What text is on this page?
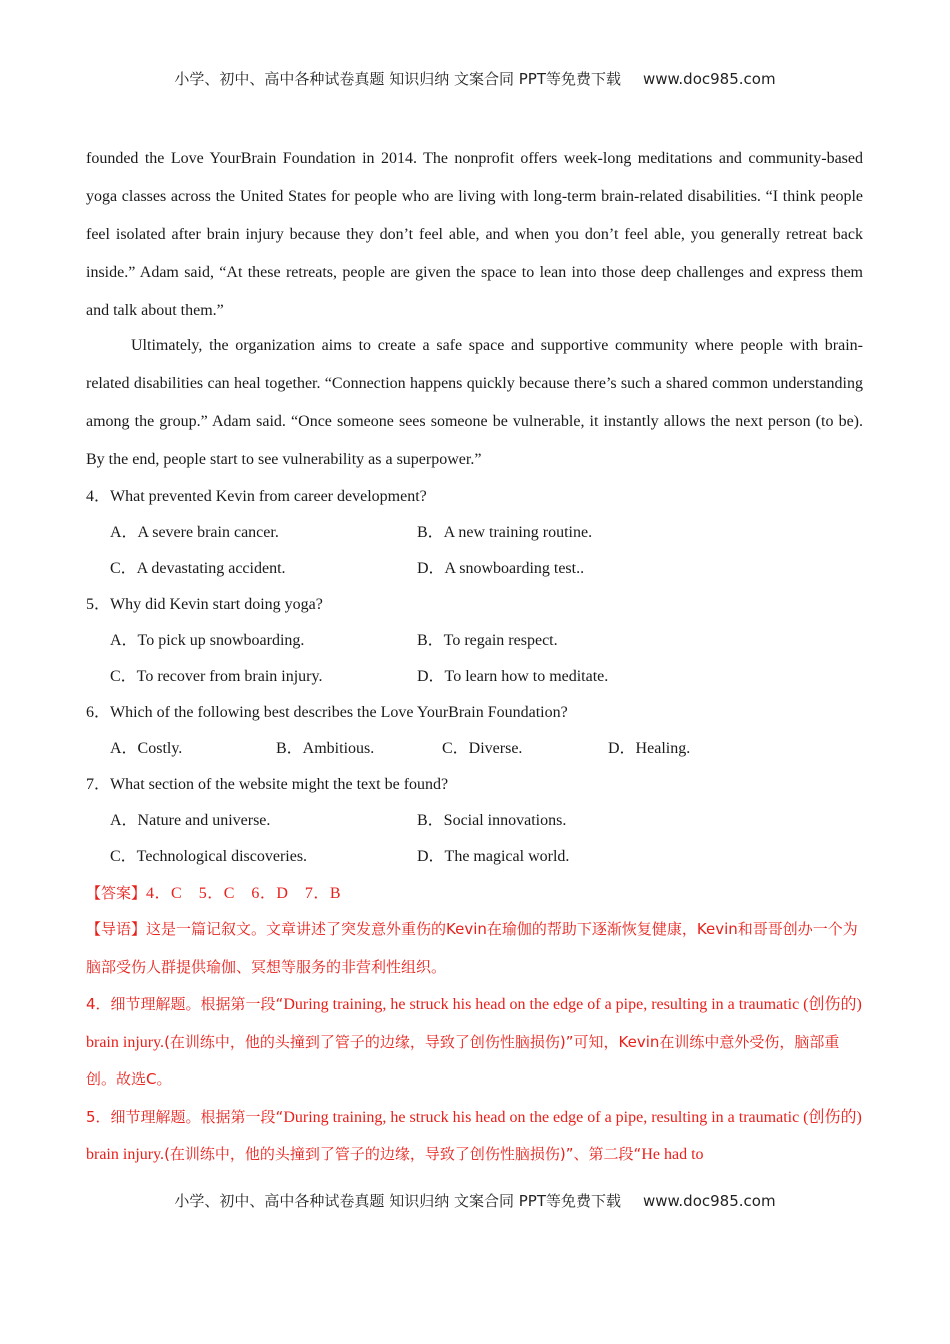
小学、初中、高中各种试卷真题 知识归纳 文案合同 PPT等免费下载 www.doc985.com

founded the Love YourBrain Foundation in 2014. The nonprofit offers week-long meditations and community-based yoga classes across the United States for people who are living with long-term brain-related disabilities. “I think people feel isolated after brain injury because they don’t feel able, and when you don’t feel able, you generally retreat back inside.” Adam said, “At these retreats, people are given the space to lean into those deep challenges and express them and talk about them.”

Ultimately, the organization aims to create a safe space and supportive community where people with brain-related disabilities can heal together. “Connection happens quickly because there’s such a shared common understanding among the group.” Adam said. “Once someone sees someone be vulnerable, it instantly allows the next person (to be). By the end, people start to see vulnerability as a superpower.”

4．What prevented Kevin from career development?

A．A severe brain cancer.	B．A new training routine.
C．A devastating accident.	D．A snowboarding test..

5．Why did Kevin start doing yoga?

A．To pick up snowboarding.	B．To regain respect.
C．To recover from brain injury.	D．To learn how to meditate.

6．Which of the following best describes the Love YourBrain Foundation?

A．Costly.	B．Ambitious.	C．Diverse.	D．Healing.

7．What section of the website might the text be found?

A．Nature and universe.	B．Social innovations.
C．Technological discoveries.	D．The magical world.

【答案】4．C　5．C　6．D　7．B

【导语】这是一篇记叙文。文章讲述了突发意外重伤的Kevin在瑜伽的帮助下逐渐恢复健康，Kevin和哥哥创办一个为脑部受伤人群提供瑜伽、冥想等服务的非营利性组织。

4．细节理解题。根据第一段“During training, he struck his head on the edge of a pipe, resulting in a traumatic (创伤的) brain injury.(在训练中，他的头撞到了管子的边缘，导致了创伤性脑损伤)”可知，Kevin在训练中意外受伤，脑部重创。故选C。

5．细节理解题。根据第一段“During training, he struck his head on the edge of a pipe, resulting in a traumatic (创伤的) brain injury.(在训练中，他的头撞到了管子的边缘，导致了创伤性脑损伤)”、第二段“He had to

小学、初中、高中各种试卷真题 知识归纳 文案合同 PPT等免费下载 www.doc985.com
